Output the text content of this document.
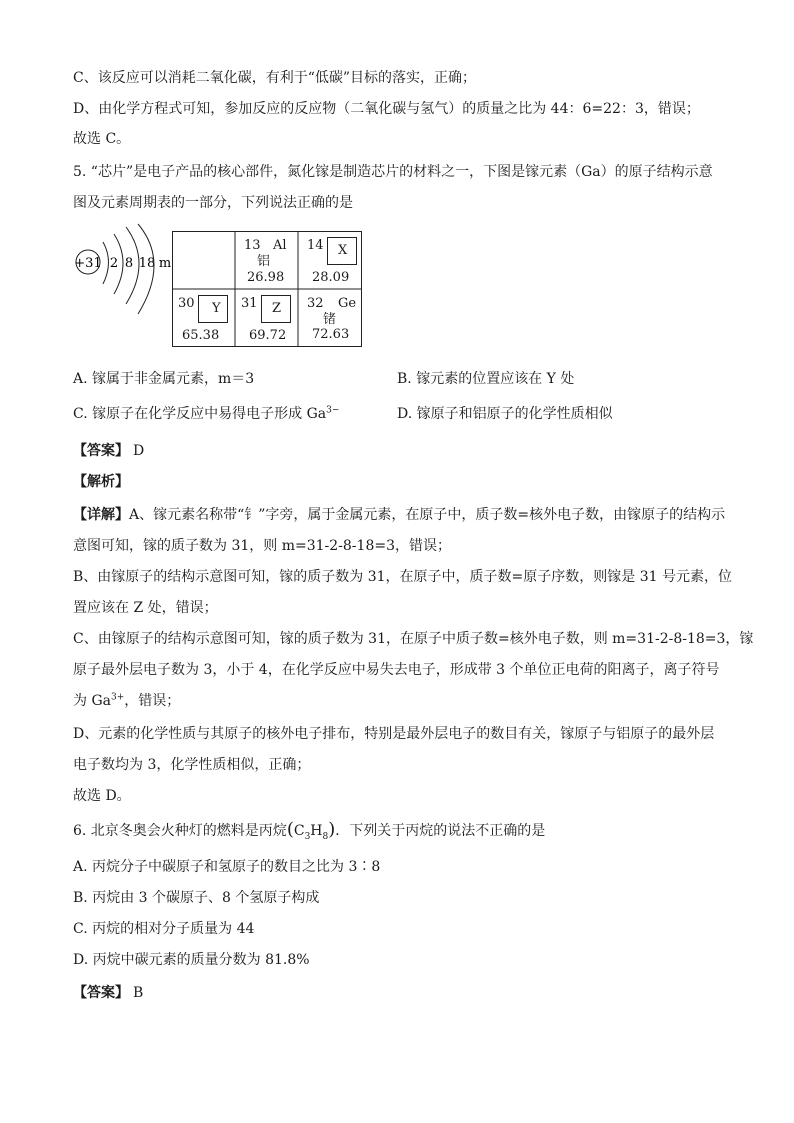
C、该反应可以消耗二氧化碳，有利于“低碳”目标的落实，正确；
D、由化学方程式可知，参加反应的反应物（二氧化碳与氢气）的质量之比为 44：6=22：3，错误；
故选 C。
5. “芯片”是电子产品的核心部件，氮化镓是制造芯片的材料之一，下图是镓元素（Ga）的原子结构示意
图及元素周期表的一部分，下列说法正确的是
+31 2 8 18 m
13 Al
铝
26.98
14 X
28.09
30 Y
65.38
31 Z
69.72
32 Ge
锗
72.63
A. 镓属于非金属元素，m＝3	B. 镓元素的位置应该在 Y 处
C. 镓原子在化学反应中易得电子形成 $Ga^{3-}$	D. 镓原子和铝原子的化学性质相似
【答案】 D
【解析】
【详解】A、镓元素名称带“钅”字旁，属于金属元素，在原子中，质子数=核外电子数，由镓原子的结构示
意图可知，镓的质子数为 31，则 m=31-2-8-18=3，错误；
B、由镓原子的结构示意图可知，镓的质子数为 31，在原子中，质子数=原子序数，则镓是 31 号元素，位
置应该在 Z 处，错误；
C、由镓原子的结构示意图可知，镓的质子数为 31，在原子中质子数=核外电子数，则 m=31-2-8-18=3，镓
原子最外层电子数为 3，小于 4，在化学反应中易失去电子，形成带 3 个单位正电荷的阳离子，离子符号
为 $Ga^{3+}$，错误；
D、元素的化学性质与其原子的核外电子排布，特别是最外层电子的数目有关，镓原子与铝原子的最外层
电子数均为 3，化学性质相似，正确；
故选 D。
6. 北京冬奥会火种灯的燃料是丙烷$(C_3H_8)$．下列关于丙烷的说法不正确的是
A. 丙烷分子中碳原子和氢原子的数目之比为 3∶8
B. 丙烷由 3 个碳原子、8 个氢原子构成
C. 丙烷的相对分子质量为 44
D. 丙烷中碳元素的质量分数为 81.8%
【答案】 B
